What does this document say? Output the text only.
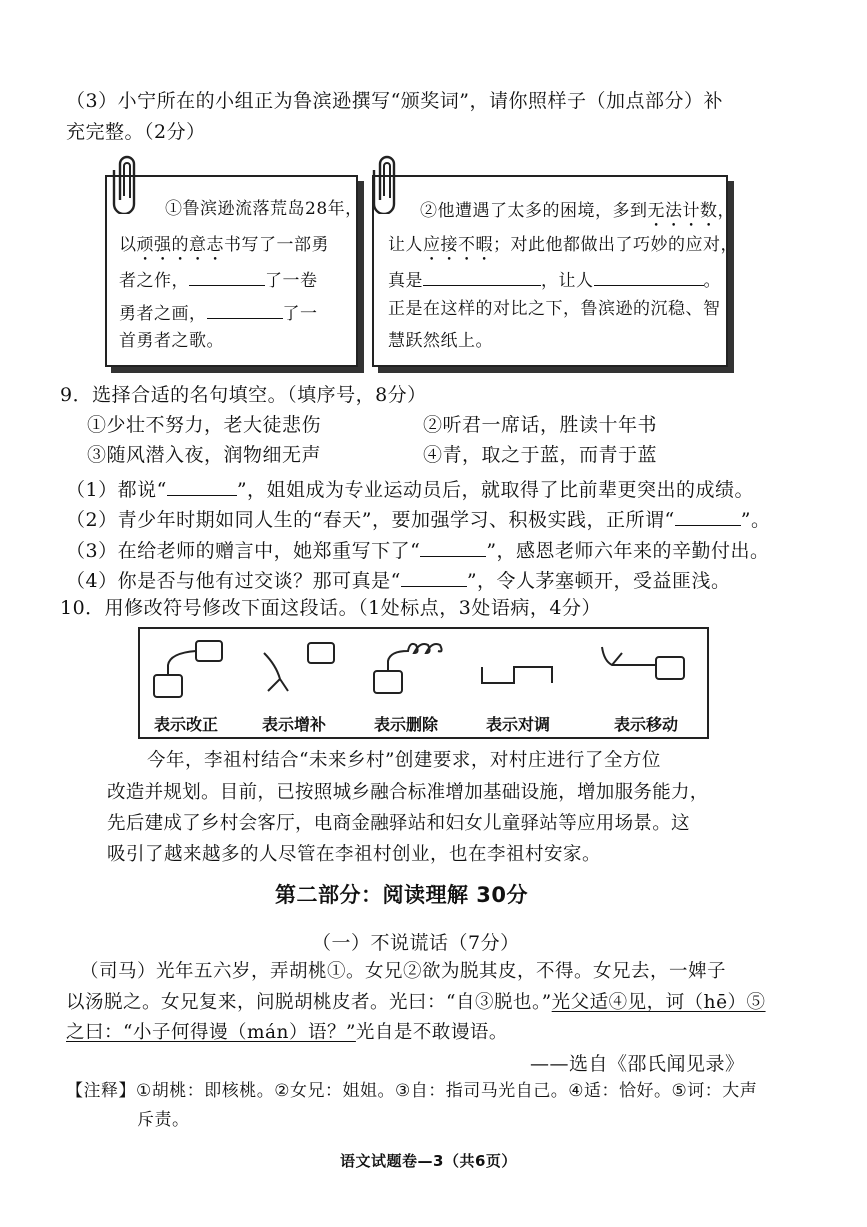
（3）小宁所在的小组正为鲁滨逊撰写“颁奖词”，请你照样子（加点部分）补
充完整。（2分）
①鲁滨逊流落荒岛28年，
以顽强的意志书写了一部勇
者之作，	了一卷
勇者之画，	了一
首勇者之歌。
②他遭遇了太多的困境，多到无法计数，
让人应接不暇；对此他都做出了巧妙的应对，
真是	，让人	。
正是在这样的对比之下，鲁滨逊的沉稳、智
慧跃然纸上。
9．选择合适的名句填空。（填序号，8分）
①少壮不努力，老大徒悲伤	②听君一席话，胜读十年书
③随风潜入夜，润物细无声	④青，取之于蓝，而青于蓝
（1）都说“	”，姐姐成为专业运动员后，就取得了比前辈更突出的成绩。
（2）青少年时期如同人生的“春天”，要加强学习、积极实践，正所谓“	”。
（3）在给老师的赠言中，她郑重写下了“	”，感恩老师六年来的辛勤付出。
（4）你是否与他有过交谈？那可真是“	”，令人茅塞顿开，受益匪浅。
10．用修改符号修改下面这段话。（1处标点，3处语病，4分）
表示改正	表示增补	表示删除	表示对调	表示移动
今年，李祖村结合“未来乡村”创建要求，对村庄进行了全方位
改造并规划。目前，已按照城乡融合标准增加基础设施，增加服务能力，
先后建成了乡村会客厅，电商金融驿站和妇女儿童驿站等应用场景。这
吸引了越来越多的人尽管在李祖村创业，也在李祖村安家。
第二部分：阅读理解 30分
（一）不说谎话（7分）
（司马）光年五六岁，弄胡桃①。女兄②欲为脱其皮，不得。女兄去，一婢子
以汤脱之。女兄复来，问脱胡桃皮者。光曰：“自③脱也。”光父适④见，诃（hē）⑤
之曰：“小子何得谩（mán）语？”光自是不敢谩语。
——选自《邵氏闻见录》
【注释】①胡桃：即核桃。②女兄：姐姐。③自：指司马光自己。④适：恰好。⑤诃：大声
斥责。
语文试题卷—3（共6页）
